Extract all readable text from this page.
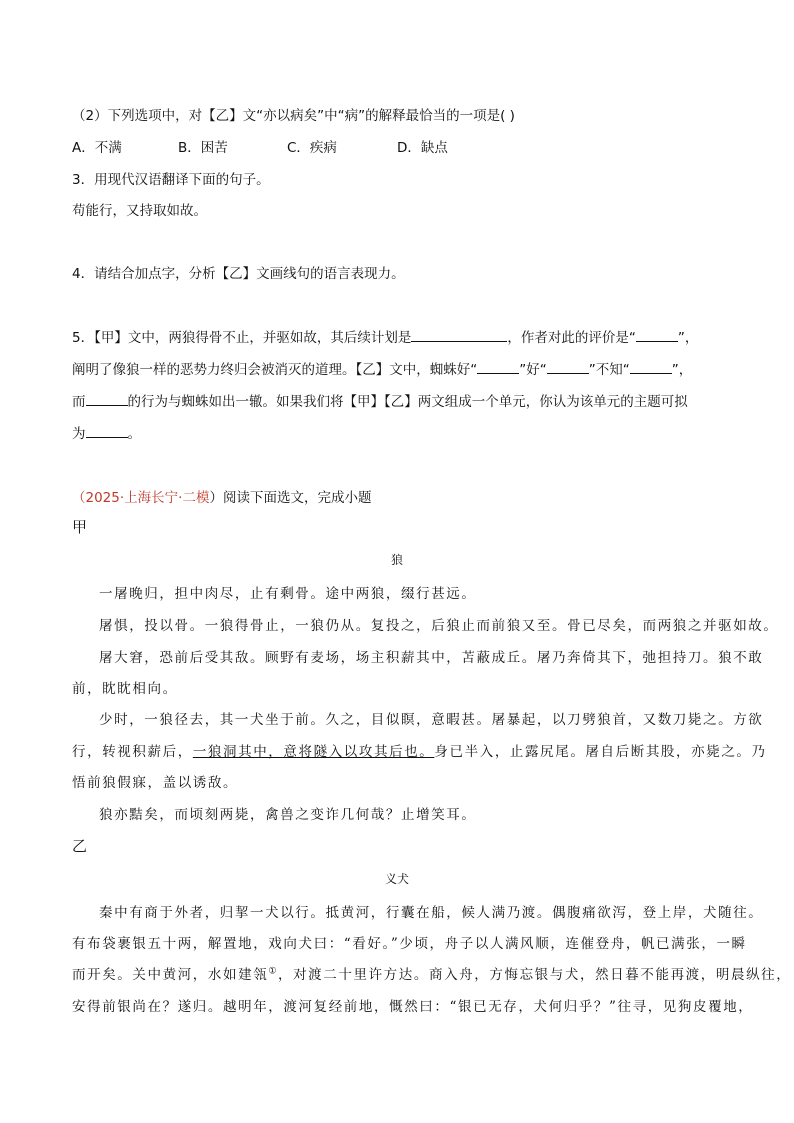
（2）下列选项中，对【乙】文“亦以病矣”中“病”的解释最恰当的一项是( )
A．不满	B．困苦	C．疾病	D．缺点
3．用现代汉语翻译下面的句子。
苟能行，又持取如故。
4．请结合加点字，分析【乙】文画线句的语言表现力。
5．【甲】文中，两狼得骨不止，并驱如故，其后续计划是	，作者对此的评价是“	”，
阐明了像狼一样的恶势力终归会被消灭的道理。【乙】文中，蜘蛛好“	”好“	”不知“	”，
而	的行为与蜘蛛如出一辙。如果我们将【甲】【乙】两文组成一个单元，你认为该单元的主题可拟
为	。
（2025·上海长宁·二模）阅读下面选文，完成小题
甲
狼
一屠晚归，担中肉尽，止有剩骨。途中两狼，缀行甚远。
屠惧，投以骨。一狼得骨止，一狼仍从。复投之，后狼止而前狼又至。骨已尽矣，而两狼之并驱如故。
屠大窘，恐前后受其敌。顾野有麦场，场主积薪其中，苫蔽成丘。屠乃奔倚其下，弛担持刀。狼不敢
前，眈眈相向。
少时，一狼径去，其一犬坐于前。久之，目似瞑，意暇甚。屠暴起，以刀劈狼首，又数刀毙之。方欲
行，转视积薪后，一狼洞其中，意将隧入以攻其后也。身已半入，止露尻尾。屠自后断其股，亦毙之。乃
悟前狼假寐，盖以诱敌。
狼亦黠矣，而顷刻两毙，禽兽之变诈几何哉？止增笑耳。
乙
义犬
秦中有商于外者，归挈一犬以行。抵黄河，行囊在船，候人满乃渡。偶腹痛欲泻，登上岸，犬随往。
有布袋裹银五十两，解置地，戏向犬曰：“看好。”少顷，舟子以人满风顺，连催登舟，帆已满张，一瞬
而开矣。关中黄河，水如建瓴①，对渡二十里许方达。商入舟，方悔忘银与犬，然日暮不能再渡，明晨纵往，
安得前银尚在？遂归。越明年，渡河复经前地，慨然曰：“银已无存，犬何归乎？”往寻，见狗皮覆地，
